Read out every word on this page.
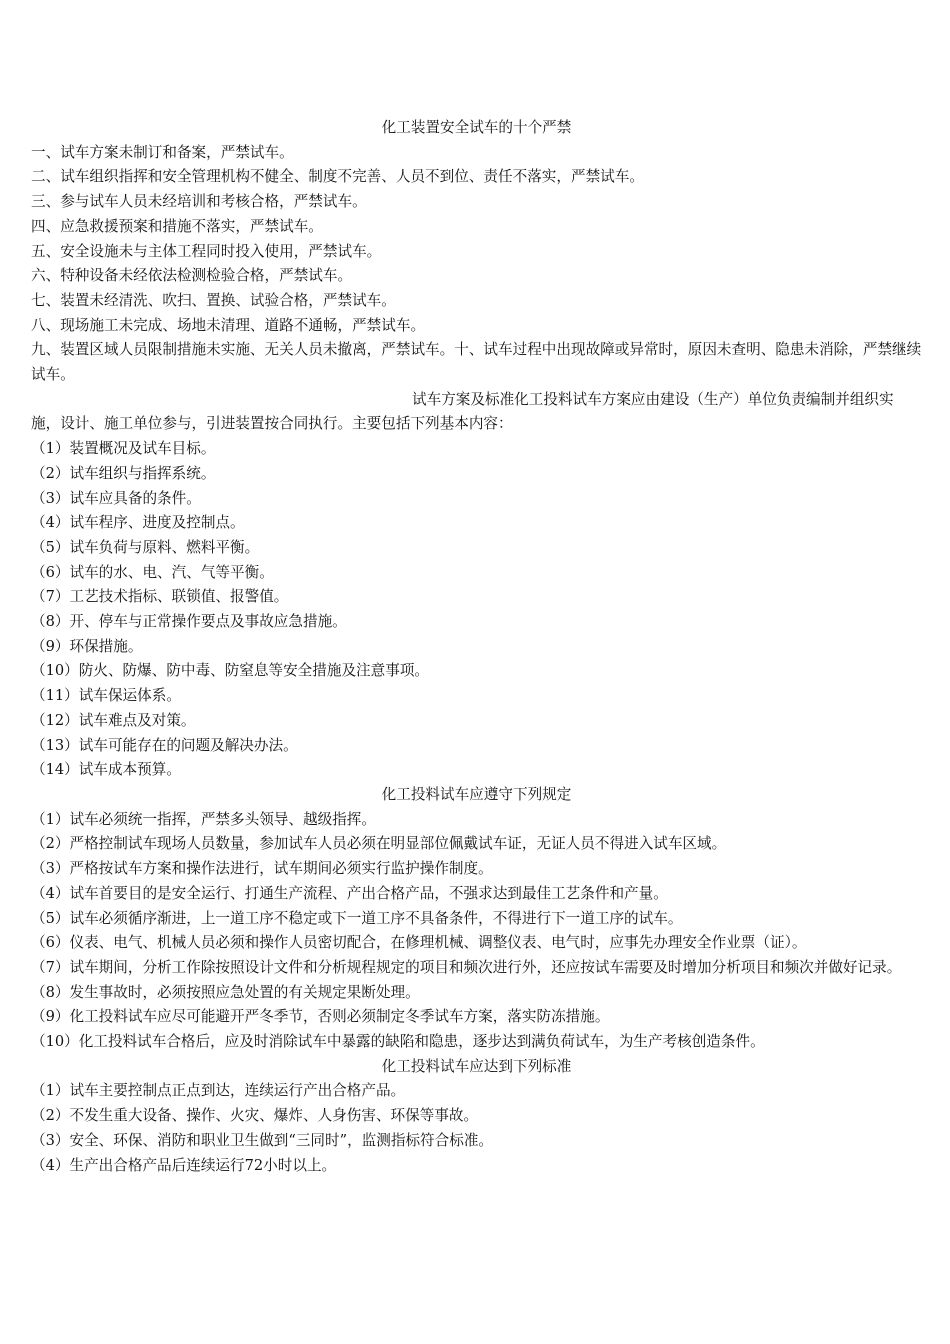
化工装置安全试车的十个严禁
一、试车方案未制订和备案，严禁试车。
二、试车组织指挥和安全管理机构不健全、制度不完善、人员不到位、责任不落实，严禁试车。
三、参与试车人员未经培训和考核合格，严禁试车。
四、应急救援预案和措施不落实，严禁试车。
五、安全设施未与主体工程同时投入使用，严禁试车。
六、特种设备未经依法检测检验合格，严禁试车。
七、装置未经清洗、吹扫、置换、试验合格，严禁试车。
八、现场施工未完成、场地未清理、道路不通畅，严禁试车。
九、装置区域人员限制措施未实施、无关人员未撤离，严禁试车。十、试车过程中出现故障或异常时，原因未查明、隐患未消除，严禁继续试车。
试车方案及标准化工投料试车方案应由建设（生产）单位负责编制并组织实施，设计、施工单位参与，引进装置按合同执行。主要包括下列基本内容：
（1）装置概况及试车目标。
（2）试车组织与指挥系统。
（3）试车应具备的条件。
（4）试车程序、进度及控制点。
（5）试车负荷与原料、燃料平衡。
（6）试车的水、电、汽、气等平衡。
（7）工艺技术指标、联锁值、报警值。
（8）开、停车与正常操作要点及事故应急措施。
（9）环保措施。
（10）防火、防爆、防中毒、防窒息等安全措施及注意事项。
（11）试车保运体系。
（12）试车难点及对策。
（13）试车可能存在的问题及解决办法。
（14）试车成本预算。
化工投料试车应遵守下列规定
（1）试车必须统一指挥，严禁多头领导、越级指挥。
（2）严格控制试车现场人员数量，参加试车人员必须在明显部位佩戴试车证，无证人员不得进入试车区域。
（3）严格按试车方案和操作法进行，试车期间必须实行监护操作制度。
（4）试车首要目的是安全运行、打通生产流程、产出合格产品，不强求达到最佳工艺条件和产量。
（5）试车必须循序渐进，上一道工序不稳定或下一道工序不具备条件，不得进行下一道工序的试车。
（6）仪表、电气、机械人员必须和操作人员密切配合，在修理机械、调整仪表、电气时，应事先办理安全作业票（证）。
（7）试车期间，分析工作除按照设计文件和分析规程规定的项目和频次进行外，还应按试车需要及时增加分析项目和频次并做好记录。
（8）发生事故时，必须按照应急处置的有关规定果断处理。
（9）化工投料试车应尽可能避开严冬季节，否则必须制定冬季试车方案，落实防冻措施。
（10）化工投料试车合格后，应及时消除试车中暴露的缺陷和隐患，逐步达到满负荷试车，为生产考核创造条件。
化工投料试车应达到下列标准
（1）试车主要控制点正点到达，连续运行产出合格产品。
（2）不发生重大设备、操作、火灾、爆炸、人身伤害、环保等事故。
（3）安全、环保、消防和职业卫生做到“三同时”，监测指标符合标准。
（4）生产出合格产品后连续运行72小时以上。
